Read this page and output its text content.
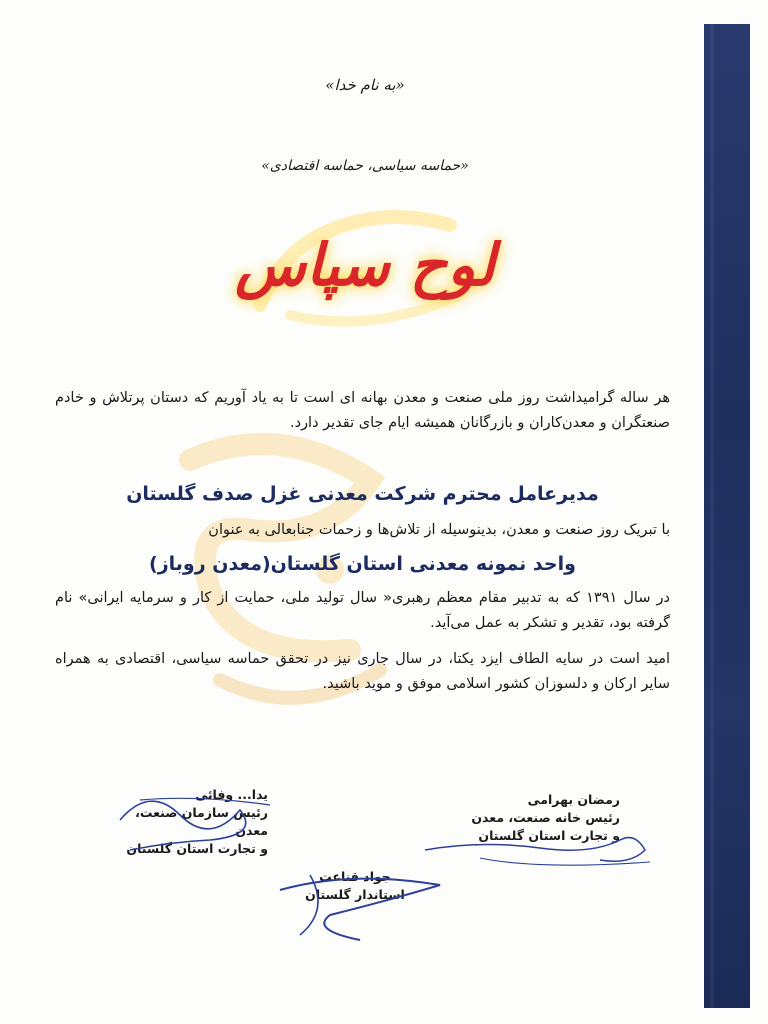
«به نام خدا»
«حماسه سیاسی، حماسه اقتصادی»
لوح سپاس
هر ساله گرامیداشت روز ملی صنعت و معدن بهانه ای است تا به یاد آوریم که دستان پرتلاش و خادم صنعتگران و معدن‌کاران و بازرگانان همیشه ایام جای تقدیر دارد.
مدیرعامل محترم شرکت معدنی غزل صدف گلستان
با تبریک روز صنعت و معدن، بدینوسیله از تلاش‌ها و زحمات جنابعالی به عنوان
واحد نمونه معدنی استان گلستان(معدن روباز)
در سال ۱۳۹۱ که به تدبیر مقام معظم رهبری« سال تولید ملی، حمایت از کار و سرمایه ایرانی» نام گرفته بود، تقدیر و تشکر به عمل می‌آید.
امید است در سایه الطاف ایزد یکتا، در سال جاری نیز در تحقق حماسه سیاسی، اقتصادی به همراه سایر ارکان و دلسوزان کشور اسلامی موفق و موید باشید.
یدا... وفائی
رئیس سازمان صنعت، معدن
و تجارت استان گلستان
رمضان بهرامی
رئیس خانه صنعت، معدن
و تجارت استان گلستان
جواد قناعت
استاندار گلستان
